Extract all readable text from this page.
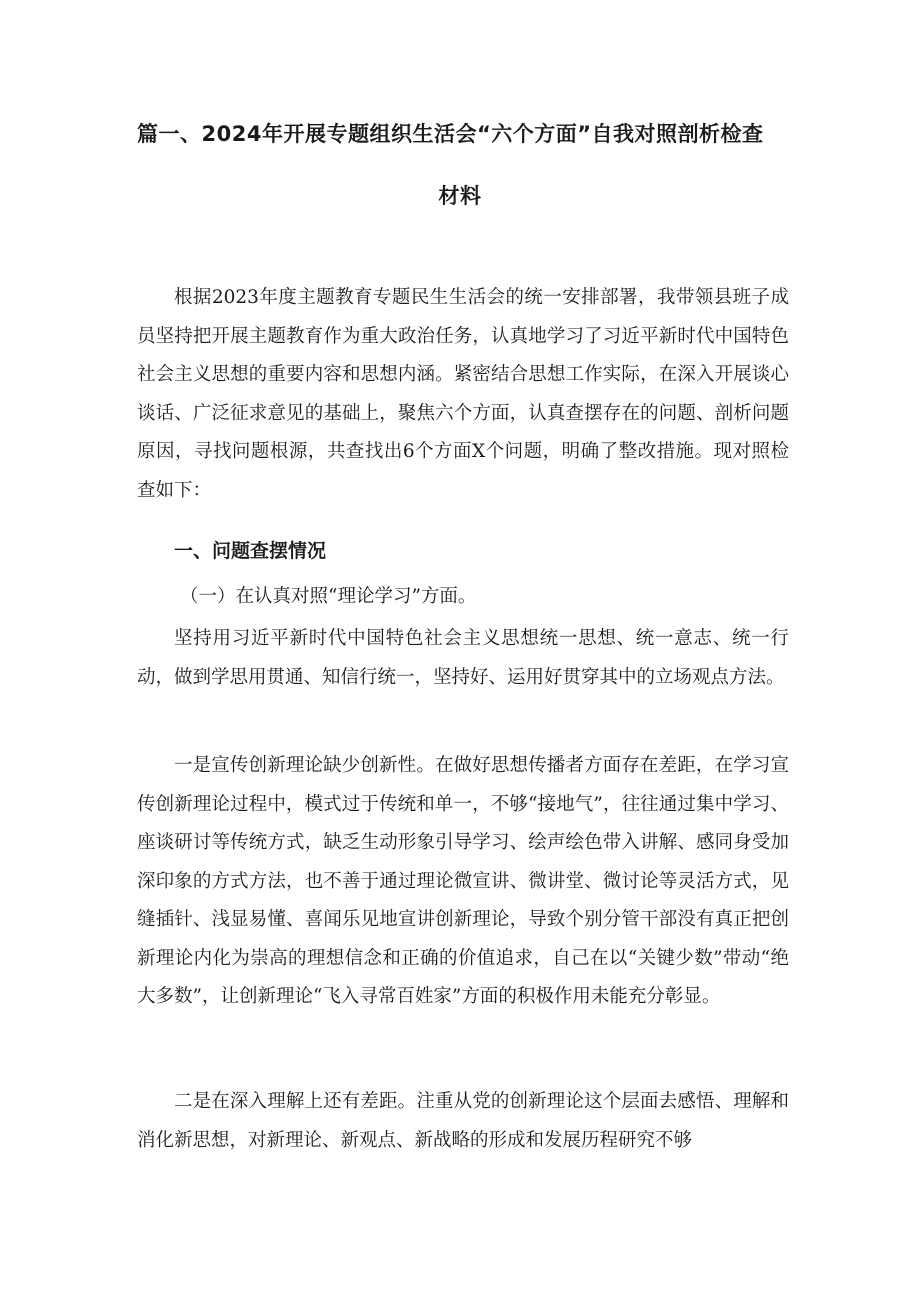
篇一、2024年开展专题组织生活会“六个方面”自我对照剖析检查
材料
根据2023年度主题教育专题民生生活会的统一安排部署，我带领县班子成员坚持把开展主题教育作为重大政治任务，认真地学习了习近平新时代中国特色社会主义思想的重要内容和思想内涵。紧密结合思想工作实际，在深入开展谈心谈话、广泛征求意见的基础上，聚焦六个方面，认真查摆存在的问题、剖析问题原因，寻找问题根源，共查找出6个方面X个问题，明确了整改措施。现对照检查如下：
一、问题查摆情况
（一）在认真对照“理论学习”方面。
坚持用习近平新时代中国特色社会主义思想统一思想、统一意志、统一行动，做到学思用贯通、知信行统一，坚持好、运用好贯穿其中的立场观点方法。
一是宣传创新理论缺少创新性。在做好思想传播者方面存在差距，在学习宣传创新理论过程中，模式过于传统和单一，不够“接地气”，往往通过集中学习、座谈研讨等传统方式，缺乏生动形象引导学习、绘声绘色带入讲解、感同身受加深印象的方式方法，也不善于通过理论微宣讲、微讲堂、微讨论等灵活方式，见缝插针、浅显易懂、喜闻乐见地宣讲创新理论，导致个别分管干部没有真正把创新理论内化为崇高的理想信念和正确的价值追求，自己在以“关键少数”带动“绝大多数”，让创新理论“飞入寻常百姓家”方面的积极作用未能充分彰显。
二是在深入理解上还有差距。注重从党的创新理论这个层面去感悟、理解和消化新思想，对新理论、新观点、新战略的形成和发展历程研究不够
